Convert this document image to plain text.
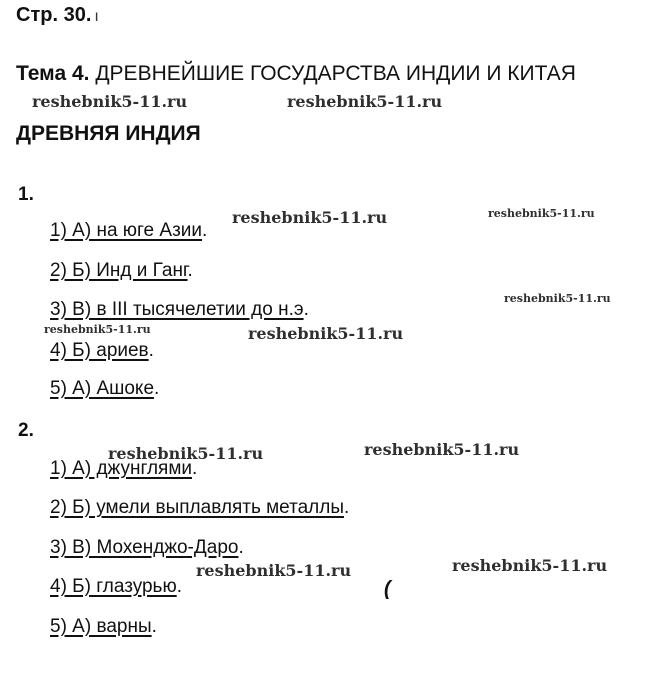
Стр. 30. ı
Тема 4. ДРЕВНЕЙШИЕ ГОСУДАРСТВА ИНДИИ И КИТАЯ
ДРЕВНЯЯ ИНДИЯ
1.
1) А) на юге Азии.
2) Б) Инд и Ганг.
3) В) в III тысячелетии до н.э.
4) Б) ариев.
5) А) Ашоке.
2.
1) А) джунглями.
2) Б) умели выплавлять металлы.
3) В) Мохенджо-Даро.
4) Б) глазурью.
5) А) варны.
reshebnik5-11.ru	reshebnik5-11.ru
reshebnik5-11.ru	reshebnik5-11.ru
reshebnik5-11.ru
reshebnik5-11.ru	reshebnik5-11.ru
reshebnik5-11.ru	reshebnik5-11.ru
reshebnik5-11.ru	reshebnik5-11.ru
(
